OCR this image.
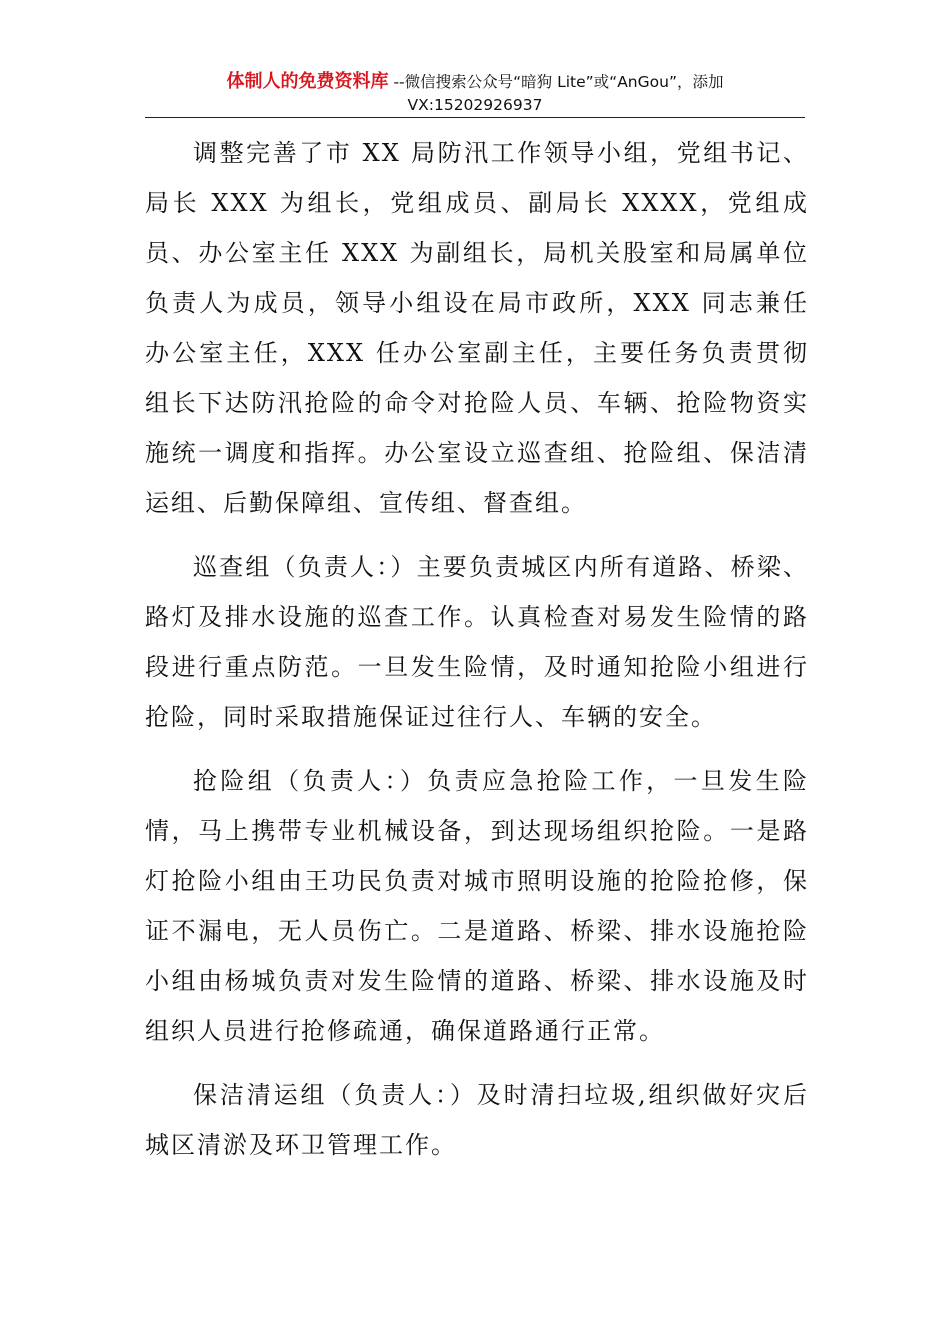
体制人的免费资料库 --微信搜索公众号“暗狗 Lite”或“AnGou”，添加
VX:15202926937

调整完善了市 XX 局防汛工作领导小组，党组书记、局长 XXX 为组长，党组成员、副局长 XXXX，党组成员、办公室主任 XXX 为副组长，局机关股室和局属单位负责人为成员，领导小组设在局市政所，XXX 同志兼任办公室主任，XXX 任办公室副主任，主要任务负责贯彻组长下达防汛抢险的命令对抢险人员、车辆、抢险物资实施统一调度和指挥。办公室设立巡查组、抢险组、保洁清运组、后勤保障组、宣传组、督查组。

巡查组（负责人：）主要负责城区内所有道路、桥梁、路灯及排水设施的巡查工作。认真检查对易发生险情的路段进行重点防范。一旦发生险情，及时通知抢险小组进行抢险，同时采取措施保证过往行人、车辆的安全。

抢险组（负责人：）负责应急抢险工作，一旦发生险情，马上携带专业机械设备，到达现场组织抢险。一是路灯抢险小组由王功民负责对城市照明设施的抢险抢修，保证不漏电，无人员伤亡。二是道路、桥梁、排水设施抢险小组由杨城负责对发生险情的道路、桥梁、排水设施及时组织人员进行抢修疏通，确保道路通行正常。

保洁清运组（负责人：）及时清扫垃圾,组织做好灾后城区清淤及环卫管理工作。
